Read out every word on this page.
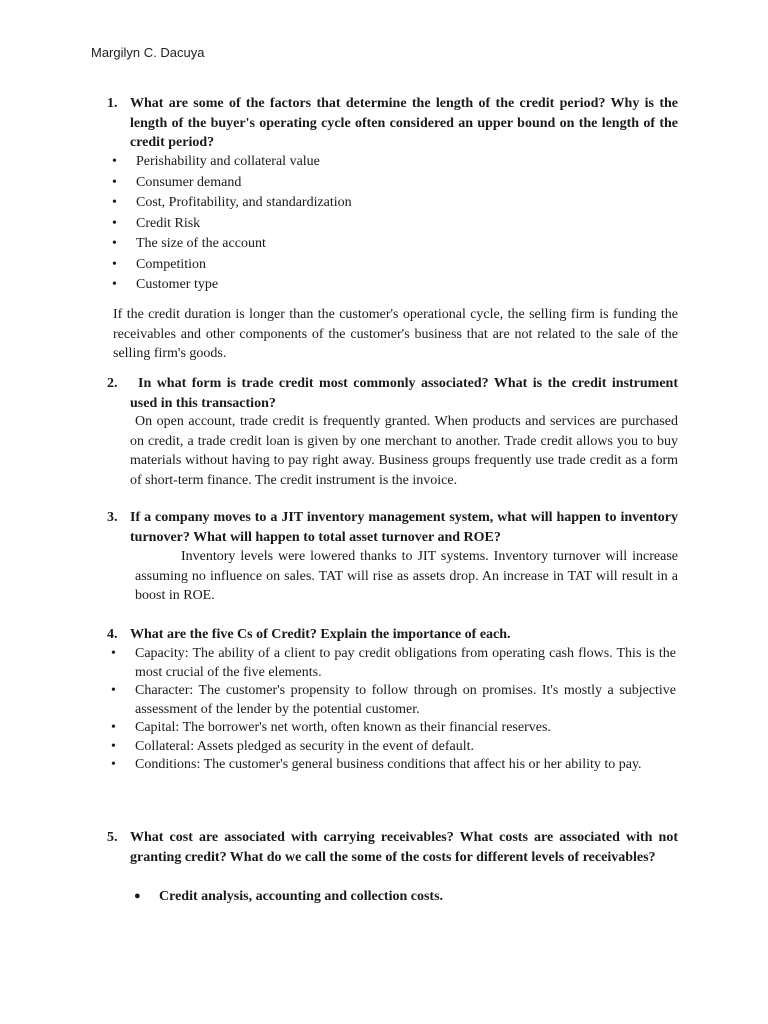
Margilyn C. Dacuya
1. What are some of the factors that determine the length of the credit period? Why is the length of the buyer's operating cycle often considered an upper bound on the length of the credit period?
• Perishability and collateral value
• Consumer demand
• Cost, Profitability, and standardization
• Credit Risk
• The size of the account
• Competition
• Customer type
If the credit duration is longer than the customer's operational cycle, the selling firm is funding the receivables and other components of the customer's business that are not related to the sale of the selling firm's goods.
2. In what form is trade credit most commonly associated? What is the credit instrument used in this transaction?
On open account, trade credit is frequently granted. When products and services are purchased on credit, a trade credit loan is given by one merchant to another. Trade credit allows you to buy materials without having to pay right away. Business groups frequently use trade credit as a form of short-term finance. The credit instrument is the invoice.
3. If a company moves to a JIT inventory management system, what will happen to inventory turnover? What will happen to total asset turnover and ROE?
Inventory levels were lowered thanks to JIT systems. Inventory turnover will increase assuming no influence on sales. TAT will rise as assets drop. An increase in TAT will result in a boost in ROE.
4. What are the five Cs of Credit? Explain the importance of each.
• Capacity: The ability of a client to pay credit obligations from operating cash flows. This is the most crucial of the five elements.
• Character: The customer's propensity to follow through on promises. It's mostly a subjective assessment of the lender by the potential customer.
• Capital: The borrower's net worth, often known as their financial reserves.
• Collateral: Assets pledged as security in the event of default.
• Conditions: The customer's general business conditions that affect his or her ability to pay.
5. What cost are associated with carrying receivables? What costs are associated with not granting credit? What do we call the some of the costs for different levels of receivables?
● Credit analysis, accounting and collection costs.
